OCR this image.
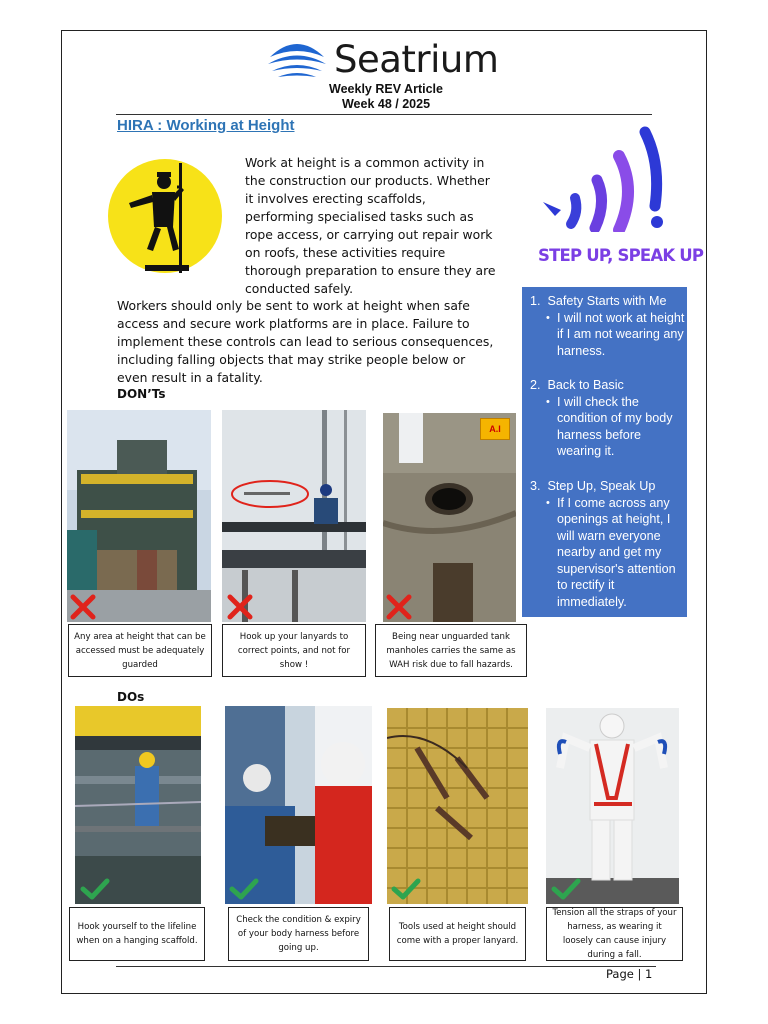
Seatrium
Weekly REV Article
Week 48 / 2025
HIRA : Working at Height
Work at height is a common activity in the construction our products. Whether it involves erecting scaffolds, performing specialised tasks such as rope access, or carrying out repair work on roofs, these activities require thorough preparation to ensure they are conducted safely.
Workers should only be sent to work at height when safe access and secure work platforms are in place. Failure to implement these controls can lead to serious consequences, including falling objects that may strike people below or even result in a fatality.
STEP UP, SPEAK UP
1. Safety Starts with Me
• I will not work at height if I am not wearing any harness.
2. Back to Basic
• I will check the condition of my body harness before wearing it.
3. Step Up, Speak Up
• If I come across any openings at height, I will warn everyone nearby and get my supervisor's attention to rectify it immediately.
DON’Ts
A.I
Any area at height that can be accessed must be adequately guarded
Hook up your lanyards to correct points, and not for show !
Being near unguarded tank manholes carries the same as WAH risk due to fall hazards.
DOs
Hook yourself to the lifeline when on a hanging scaffold.
Check the condition & expiry of your body harness before going up.
Tools used at height should come with a proper lanyard.
Tension all the straps of your harness, as wearing it loosely can cause injury during a fall.
Page | 1
